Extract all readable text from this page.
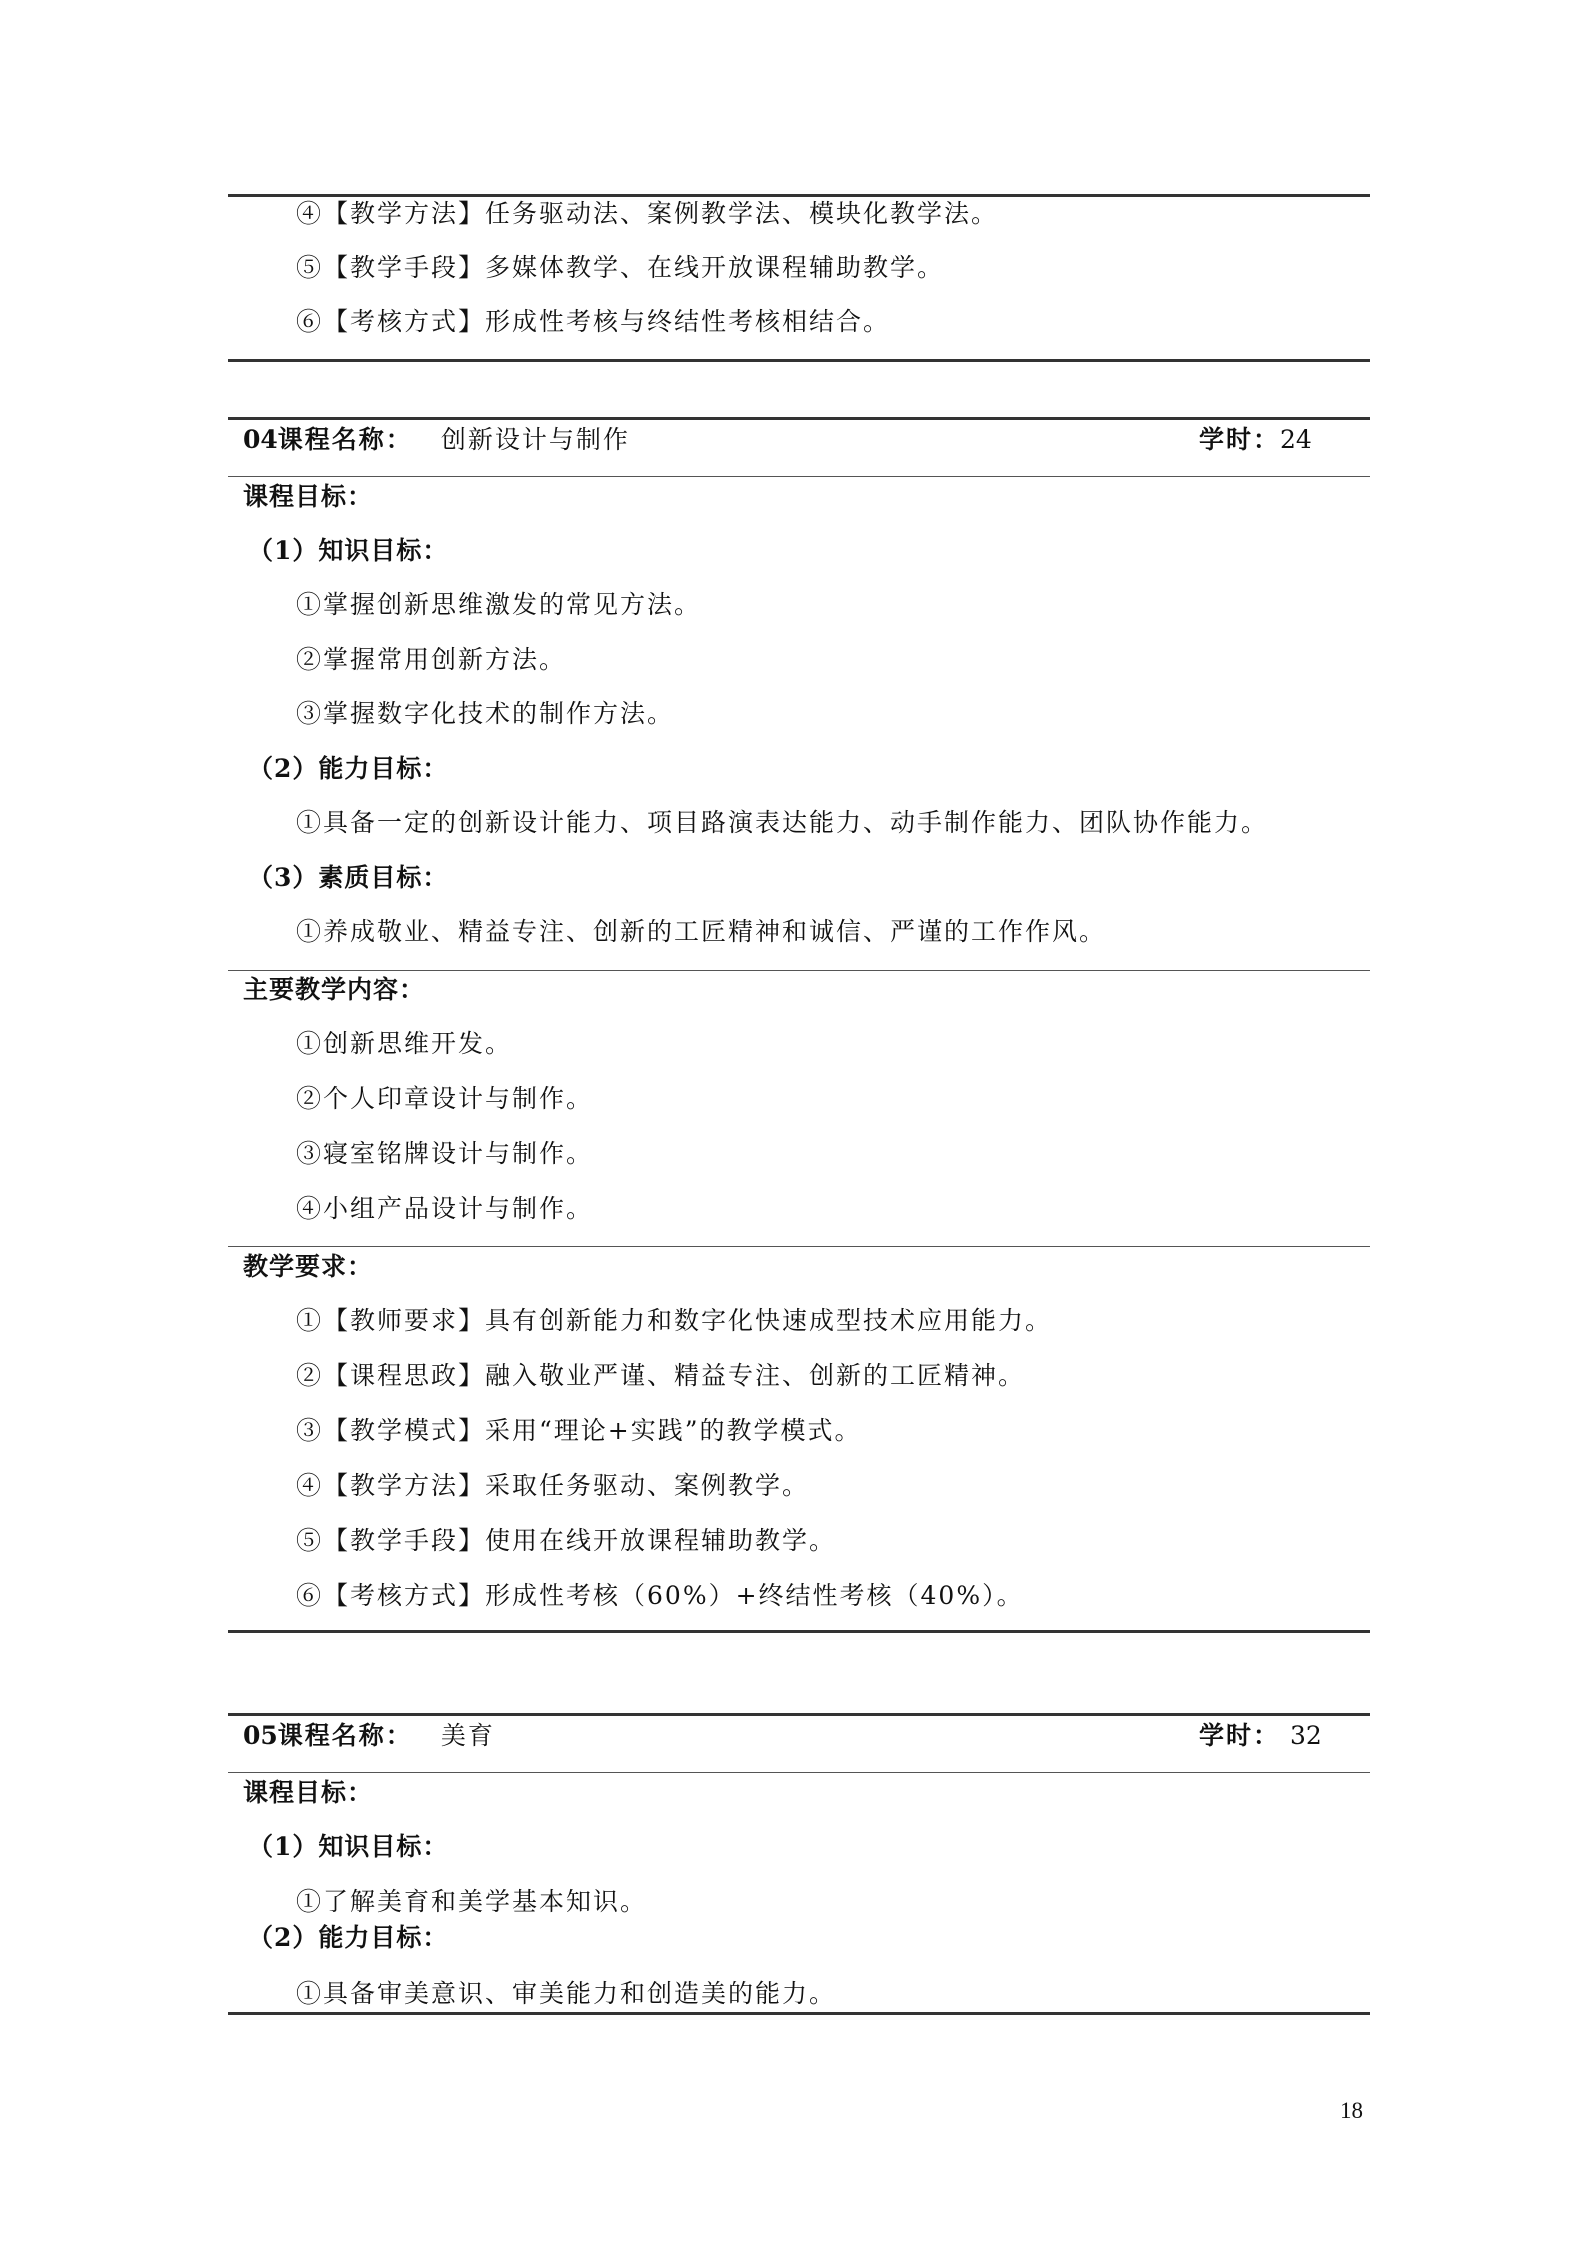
④【教学方法】任务驱动法、案例教学法、模块化教学法。
⑤【教学手段】多媒体教学、在线开放课程辅助教学。
⑥【考核方式】形成性考核与终结性考核相结合。
04课程名称： 创新设计与制作	学时：24
课程目标：
（1）知识目标：
①掌握创新思维激发的常见方法。
②掌握常用创新方法。
③掌握数字化技术的制作方法。
（2）能力目标：
①具备一定的创新设计能力、项目路演表达能力、动手制作能力、团队协作能力。
（3）素质目标：
①养成敬业、精益专注、创新的工匠精神和诚信、严谨的工作作风。
主要教学内容：
①创新思维开发。
②个人印章设计与制作。
③寝室铭牌设计与制作。
④小组产品设计与制作。
教学要求：
①【教师要求】具有创新能力和数字化快速成型技术应用能力。
②【课程思政】融入敬业严谨、精益专注、创新的工匠精神。
③【教学模式】采用“理论+实践”的教学模式。
④【教学方法】采取任务驱动、案例教学。
⑤【教学手段】使用在线开放课程辅助教学。
⑥【考核方式】形成性考核（60%）+终结性考核（40%）。
05课程名称： 美育	学时： 32
课程目标：
（1）知识目标：
①了解美育和美学基本知识。
（2）能力目标：
①具备审美意识、审美能力和创造美的能力。
18
